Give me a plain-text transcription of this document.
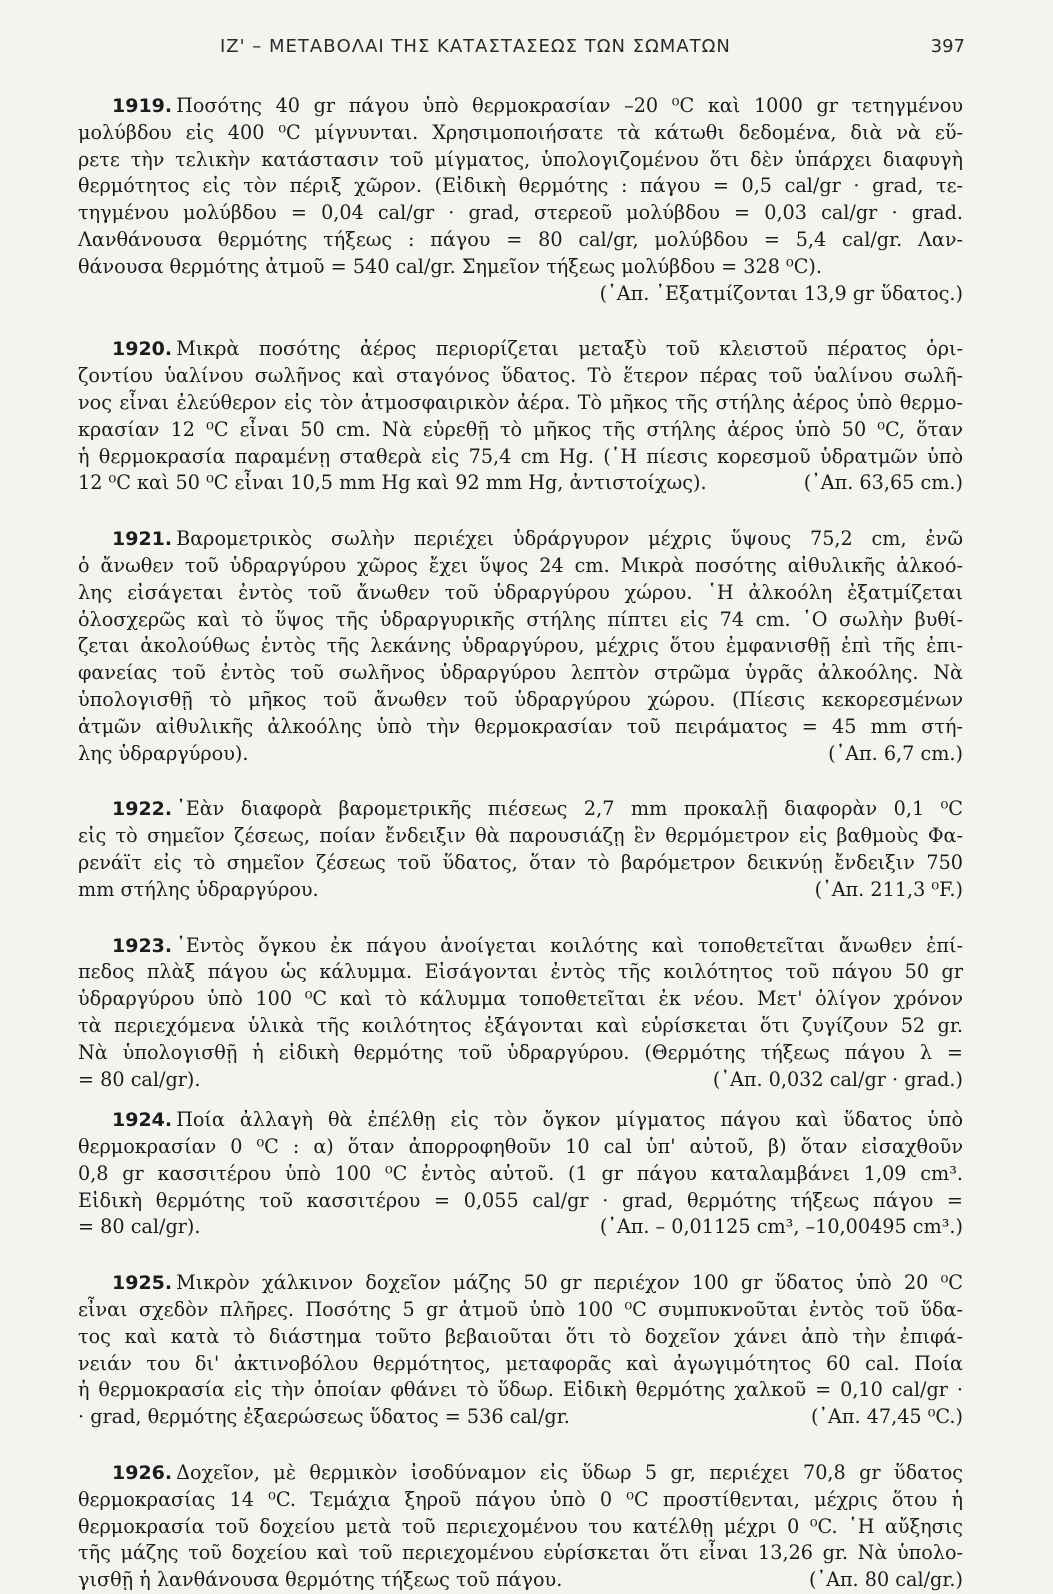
ΙΖ' – ΜΕΤΑΒΟΛΑΙ ΤΗΣ ΚΑΤΑΣΤΑΣΕΩΣ ΤΩΝ ΣΩΜΑΤΩΝ	397
1919. Ποσότης 40 gr πάγου ὑπὸ θερμοκρασίαν –20 ⁰C καὶ 1000 gr τετηγμένου
μολύβδου εἰς 400 ⁰C μίγνυνται. Χρησιμοποιήσατε τὰ κάτωθι δεδομένα, διὰ νὰ εὕ-
ρετε τὴν τελικὴν κατάστασιν τοῦ μίγματος, ὑπολογιζομένου ὅτι δὲν ὑπάρχει διαφυγὴ
θερμότητος εἰς τὸν πέριξ χῶρον. (Εἰδικὴ θερμότης : πάγου = 0,5 cal/gr · grad, τε-
τηγμένου μολύβδου = 0,04 cal/gr · grad, στερεοῦ μολύβδου = 0,03 cal/gr · grad.
Λανθάνουσα θερμότης τήξεως : πάγου = 80 cal/gr, μολύβδου = 5,4 cal/gr. Λαν-
θάνουσα θερμότης ἀτμοῦ = 540 cal/gr. Σημεῖον τήξεως μολύβδου = 328 ⁰C).
(᾿Απ. ᾿Εξατμίζονται 13,9 gr ὕδατος.)
1920. Μικρὰ ποσότης ἀέρος περιορίζεται μεταξὺ τοῦ κλειστοῦ πέρατος ὁρι-
ζοντίου ὑαλίνου σωλῆνος καὶ σταγόνος ὕδατος. Τὸ ἕτερον πέρας τοῦ ὑαλίνου σωλῆ-
νος εἶναι ἐλεύθερον εἰς τὸν ἀτμοσφαιρικὸν ἀέρα. Τὸ μῆκος τῆς στήλης ἀέρος ὑπὸ θερμο-
κρασίαν 12 ⁰C εἶναι 50 cm. Νὰ εὑρεθῇ τὸ μῆκος τῆς στήλης ἀέρος ὑπὸ 50 ⁰C, ὅταν
ἡ θερμοκρασία παραμένῃ σταθερὰ εἰς 75,4 cm Hg. (῾Η πίεσις κορεσμοῦ ὑδρατμῶν ὑπὸ
12 ⁰C καὶ 50 ⁰C εἶναι 10,5 mm Hg καὶ 92 mm Hg, ἀντιστοίχως).	(᾿Απ. 63,65 cm.)
1921. Βαρομετρικὸς σωλὴν περιέχει ὑδράργυρον μέχρις ὕψους 75,2 cm, ἐνῶ
ὁ ἄνωθεν τοῦ ὑδραργύρου χῶρος ἔχει ὕψος 24 cm. Μικρὰ ποσότης αἰθυλικῆς ἀλκοό-
λης εἰσάγεται ἐντὸς τοῦ ἄνωθεν τοῦ ὑδραργύρου χώρου. ῾Η ἀλκοόλη ἐξατμίζεται
ὁλοσχερῶς καὶ τὸ ὕψος τῆς ὑδραργυρικῆς στήλης πίπτει εἰς 74 cm. ῾Ο σωλὴν βυθί-
ζεται ἀκολούθως ἐντὸς τῆς λεκάνης ὑδραργύρου, μέχρις ὅτου ἐμφανισθῇ ἐπὶ τῆς ἐπι-
φανείας τοῦ ἐντὸς τοῦ σωλῆνος ὑδραργύρου λεπτὸν στρῶμα ὑγρᾶς ἀλκοόλης. Νὰ
ὑπολογισθῇ τὸ μῆκος τοῦ ἄνωθεν τοῦ ὑδραργύρου χώρου. (Πίεσις κεκορεσμένων
ἀτμῶν αἰθυλικῆς ἀλκοόλης ὑπὸ τὴν θερμοκρασίαν τοῦ πειράματος = 45 mm στή-
λης ὑδραργύρου).	(᾿Απ. 6,7 cm.)
1922. ᾿Εὰν διαφορὰ βαρομετρικῆς πιέσεως 2,7 mm προκαλῇ διαφορὰν 0,1 ⁰C
εἰς τὸ σημεῖον ζέσεως, ποίαν ἔνδειξιν θὰ παρουσιάζῃ ἓν θερμόμετρον εἰς βαθμοὺς Φα-
ρενάϊτ εἰς τὸ σημεῖον ζέσεως τοῦ ὕδατος, ὅταν τὸ βαρόμετρον δεικνύῃ ἔνδειξιν 750
mm στήλης ὑδραργύρου.	(᾿Απ. 211,3 ⁰F.)
1923. ᾿Εντὸς ὄγκου ἐκ πάγου ἀνοίγεται κοιλότης καὶ τοποθετεῖται ἄνωθεν ἐπί-
πεδος πλὰξ πάγου ὡς κάλυμμα. Εἰσάγονται ἐντὸς τῆς κοιλότητος τοῦ πάγου 50 gr
ὑδραργύρου ὑπὸ 100 ⁰C καὶ τὸ κάλυμμα τοποθετεῖται ἐκ νέου. Μετ' ὀλίγον χρόνον
τὰ περιεχόμενα ὑλικὰ τῆς κοιλότητος ἐξάγονται καὶ εὑρίσκεται ὅτι ζυγίζουν 52 gr.
Νὰ ὑπολογισθῇ ἡ εἰδικὴ θερμότης τοῦ ὑδραργύρου. (Θερμότης τήξεως πάγου λ =
= 80 cal/gr).	(᾿Απ. 0,032 cal/gr · grad.)
1924. Ποία ἀλλαγὴ θὰ ἐπέλθῃ εἰς τὸν ὄγκον μίγματος πάγου καὶ ὕδατος ὑπὸ
θερμοκρασίαν 0 ⁰C : α) ὅταν ἀπορροφηθοῦν 10 cal ὑπ' αὐτοῦ, β) ὅταν εἰσαχθοῦν
0,8 gr κασσιτέρου ὑπὸ 100 ⁰C ἐντὸς αὐτοῦ. (1 gr πάγου καταλαμβάνει 1,09 cm³.
Εἰδικὴ θερμότης τοῦ κασσιτέρου = 0,055 cal/gr · grad, θερμότης τήξεως πάγου =
= 80 cal/gr).	(᾿Απ. – 0,01125 cm³, –10,00495 cm³.)
1925. Μικρὸν χάλκινον δοχεῖον μάζης 50 gr περιέχον 100 gr ὕδατος ὑπὸ 20 ⁰C
εἶναι σχεδὸν πλῆρες. Ποσότης 5 gr ἀτμοῦ ὑπὸ 100 ⁰C συμπυκνοῦται ἐντὸς τοῦ ὕδα-
τος καὶ κατὰ τὸ διάστημα τοῦτο βεβαιοῦται ὅτι τὸ δοχεῖον χάνει ἀπὸ τὴν ἐπιφά-
νειάν του δι' ἀκτινοβόλου θερμότητος, μεταφορᾶς καὶ ἀγωγιμότητος 60 cal. Ποία
ἡ θερμοκρασία εἰς τὴν ὁποίαν φθάνει τὸ ὕδωρ. Εἰδικὴ θερμότης χαλκοῦ = 0,10 cal/gr ·
· grad, θερμότης ἐξαερώσεως ὕδατος = 536 cal/gr.	(᾿Απ. 47,45 ⁰C.)
1926. Δοχεῖον, μὲ θερμικὸν ἰσοδύναμον εἰς ὕδωρ 5 gr, περιέχει 70,8 gr ὕδατος
θερμοκρασίας 14 ⁰C. Τεμάχια ξηροῦ πάγου ὑπὸ 0 ⁰C προστίθενται, μέχρις ὅτου ἡ
θερμοκρασία τοῦ δοχείου μετὰ τοῦ περιεχομένου του κατέλθῃ μέχρι 0 ⁰C. ῾Η αὔξησις
τῆς μάζης τοῦ δοχείου καὶ τοῦ περιεχομένου εὑρίσκεται ὅτι εἶναι 13,26 gr. Νὰ ὑπολο-
γισθῇ ἡ λανθάνουσα θερμότης τήξεως τοῦ πάγου.	(᾿Απ. 80 cal/gr.)
